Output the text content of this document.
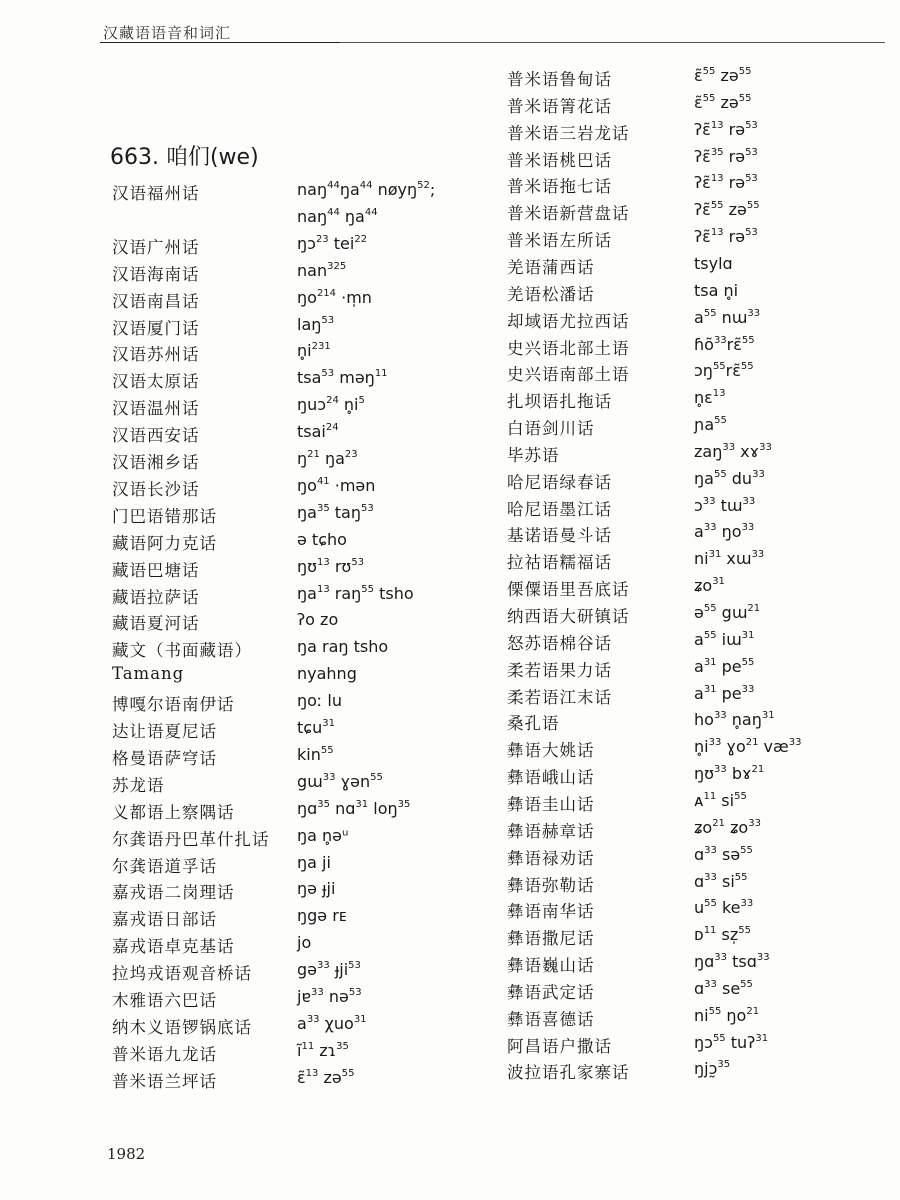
汉藏语语音和词汇
663. 咱们(we)
汉语福州话	$naŋ^{44}ŋa^{44}$ nøyŋ$^{52}$;
naŋ$^{44}$ $ŋa^{44}$
汉语广州话	ŋɔ$^{23}$ tei$^{22}$
汉语海南话	nan$^{325}$
汉语南昌话	$ŋo^{214}$ ·m̩n
汉语厦门话	laŋ$^{53}$
汉语苏州话	$n̥i^{231}$
汉语太原话	tsa$^{53}$ məŋ$^{11}$
汉语温州话	ŋuɔ$^{24}$ $n̥i^5$
汉语西安话	tsai$^{24}$
汉语湘乡话	$ŋ^{21}$ $ŋa^{23}$
汉语长沙话	$ŋo^{41}$ ·mən
门巴语错那话	$ŋa^{35}$ taŋ$^{53}$
藏语阿力克话	ə tɕho
藏语巴塘话	ŋʊ$^{13}$ rʊ$^{53}$
藏语拉萨话	$ŋa^{13}$ raŋ$^{55}$ tsho
藏语夏河话	ʔo zo
藏文（书面藏语）	ŋa raŋ tsho
Tamang	nyahng
博嘎尔语南伊话	ŋoː lu
达让语夏尼话	tɕu$^{31}$
格曼语萨穹话	kin$^{55}$
苏龙语	gɯ$^{33}$ ɣən$^{55}$
义都语上察隅话	ŋɑ$^{35}$ nɑ$^{31}$ loŋ$^{35}$
尔龚语丹巴革什扎话 ŋa n̥əᵘ
尔龚语道孚话	ŋa ji
嘉戎语二岗理话	ŋə ɟji
嘉戎语日部话	ŋgə rᴇ
嘉戎语卓克基话	jo
拉坞戎语观音桥话	gə$^{33}$ ɟji$^{53}$
木雅语六巴话	jɐ$^{33}$ nə$^{53}$
纳木义语锣锅底话	$a^{33}$ χuo$^{31}$
普米语九龙话	$ĩ^{11}$ zɿ$^{35}$
普米语兰坪话	ɛ̃$^{13}$ zə$^{55}$
普米语鲁甸话	ɛ̃$^{55}$ zə$^{55}$
普米语箐花话	ɛ̃$^{55}$ zə$^{55}$
普米语三岩龙话	ʔɛ̃$^{13}$ rə$^{53}$
普米语桃巴话	ʔɛ̃$^{35}$ rə$^{53}$
普米语拖七话	ʔɛ̃$^{13}$ rə$^{53}$
普米语新营盘话	ʔɛ̃$^{55}$ zə$^{55}$
普米语左所话	ʔɛ̃$^{13}$ rə$^{53}$
羌语蒲西话	tsylɑ
羌语松潘话	tsa n̥i
却域语尤拉西话	$a^{55}$ nɯ$^{33}$
史兴语北部土语	ɦõ$^{33}$rɛ̃$^{55}$
史兴语南部土语	ɔŋ$^{55}$rɛ̃$^{55}$
扎坝语扎拖话	n̥ɛ$^{13}$
白语剑川话	ɲa$^{55}$
毕苏语	zaŋ$^{33}$ xɤ$^{33}$
哈尼语绿春话	$ŋa^{55}$ $du^{33}$
哈尼语墨江话	ɔ$^{33}$ tɯ$^{33}$
基诺语曼斗话	$a^{33}$ $ŋo^{33}$
拉祜语糯福话	$ni^{31}$ xɯ$^{33}$
傈僳语里吾底话	ʑo$^{31}$
纳西语大研镇话	ə$^{55}$ gɯ$^{21}$
怒苏语棉谷话	$a^{55}$ iɯ$^{31}$
柔若语果力话	$a^{31}$ $pe^{55}$
柔若语江末话	$a^{31}$ $pe^{33}$
桑孔语	$ho^{33}$ $n̥aŋ^{31}$
彝语大姚话	$n̥i^{33}$ ɣo$^{21}$ $væ^{33}$
彝语峨山话	ŋʊ$^{33}$ bɤ$^{21}$
彝语圭山话	ᴀ$^{11}$ $si^{55}$
彝语赫章话	ʑo$^{21}$ ʑo$^{33}$
彝语禄劝话	ɑ$^{33}$ sə$^{55}$
彝语弥勒话	ɑ$^{33}$ $si^{55}$
彝语南华话	$u^{55}$ $ke^{33}$
彝语撒尼话	ᴅ$^{11}$ sz̩$^{55}$
彝语巍山话	ŋɑ$^{33}$ tsɑ$^{33}$
彝语武定话	ɑ$^{33}$ $se^{55}$
彝语喜德话	$ni^{55}$ $ŋo^{21}$
阿昌语户撒话	ŋɔ$^{55}$ tuʔ$^{31}$
波拉语孔家寨话	ŋjɔ̰$^{35}$
1982
